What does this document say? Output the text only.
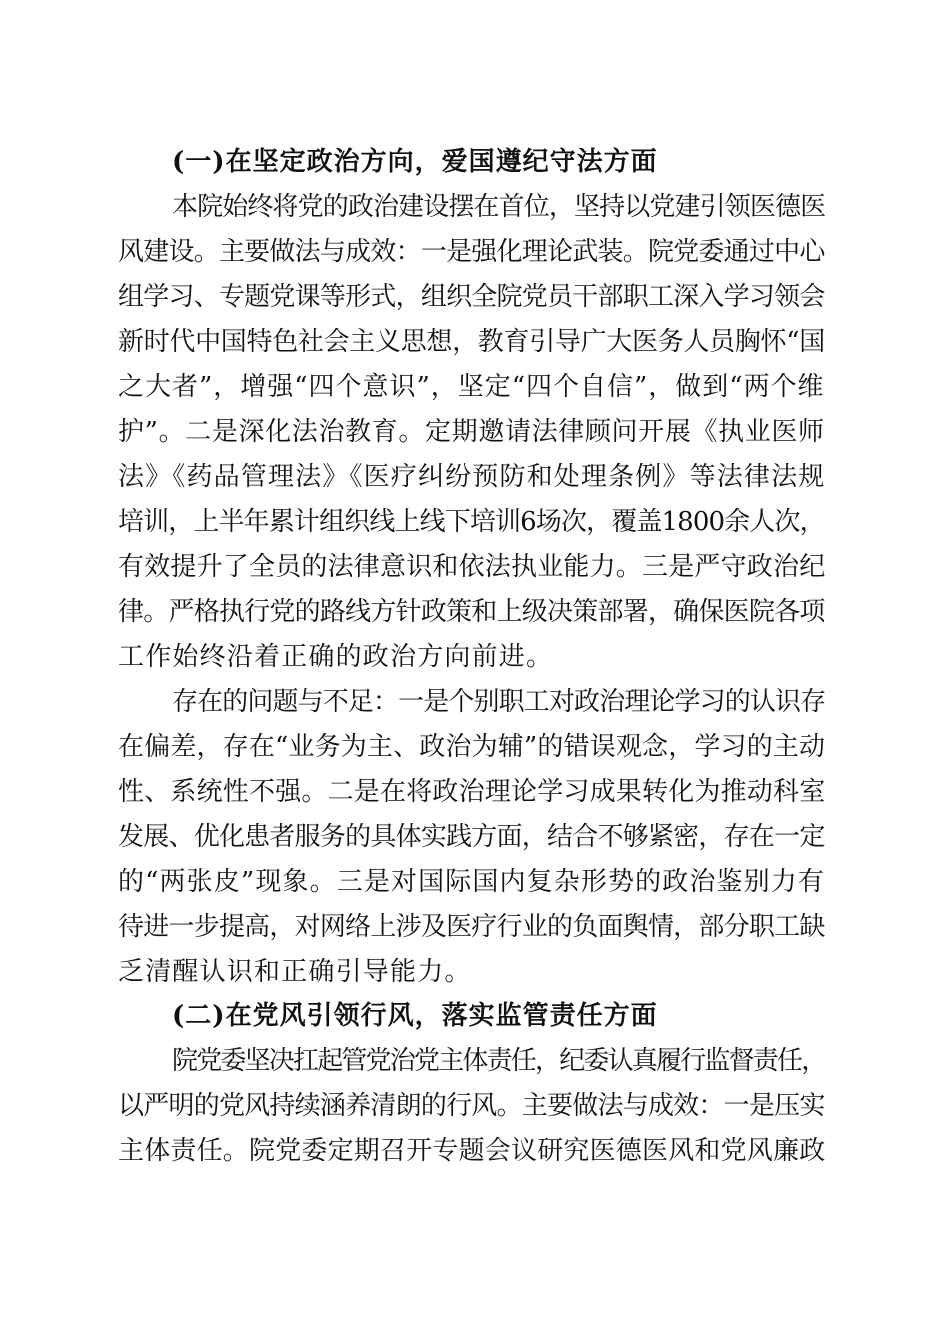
(一)在坚定政治方向，爱国遵纪守法方面
本院始终将党的政治建设摆在首位，坚持以党建引领医德医
风建设。主要做法与成效：一是强化理论武装。院党委通过中心
组学习、专题党课等形式，组织全院党员干部职工深入学习领会
新时代中国特色社会主义思想，教育引导广大医务人员胸怀“国
之大者”，增强“四个意识”，坚定“四个自信”，做到“两个维
护”。二是深化法治教育。定期邀请法律顾问开展《执业医师
法》《药品管理法》《医疗纠纷预防和处理条例》等法律法规
培训，上半年累计组织线上线下培训6场次，覆盖1800余人次，
有效提升了全员的法律意识和依法执业能力。三是严守政治纪
律。严格执行党的路线方针政策和上级决策部署，确保医院各项
工作始终沿着正确的政治方向前进。
存在的问题与不足：一是个别职工对政治理论学习的认识存
在偏差，存在“业务为主、政治为辅”的错误观念，学习的主动
性、系统性不强。二是在将政治理论学习成果转化为推动科室
发展、优化患者服务的具体实践方面，结合不够紧密，存在一定
的“两张皮”现象。三是对国际国内复杂形势的政治鉴别力有
待进一步提高，对网络上涉及医疗行业的负面舆情，部分职工缺
乏清醒认识和正确引导能力。
(二)在党风引领行风，落实监管责任方面
院党委坚决扛起管党治党主体责任，纪委认真履行监督责任，
以严明的党风持续涵养清朗的行风。主要做法与成效：一是压实
主体责任。院党委定期召开专题会议研究医德医风和党风廉政
